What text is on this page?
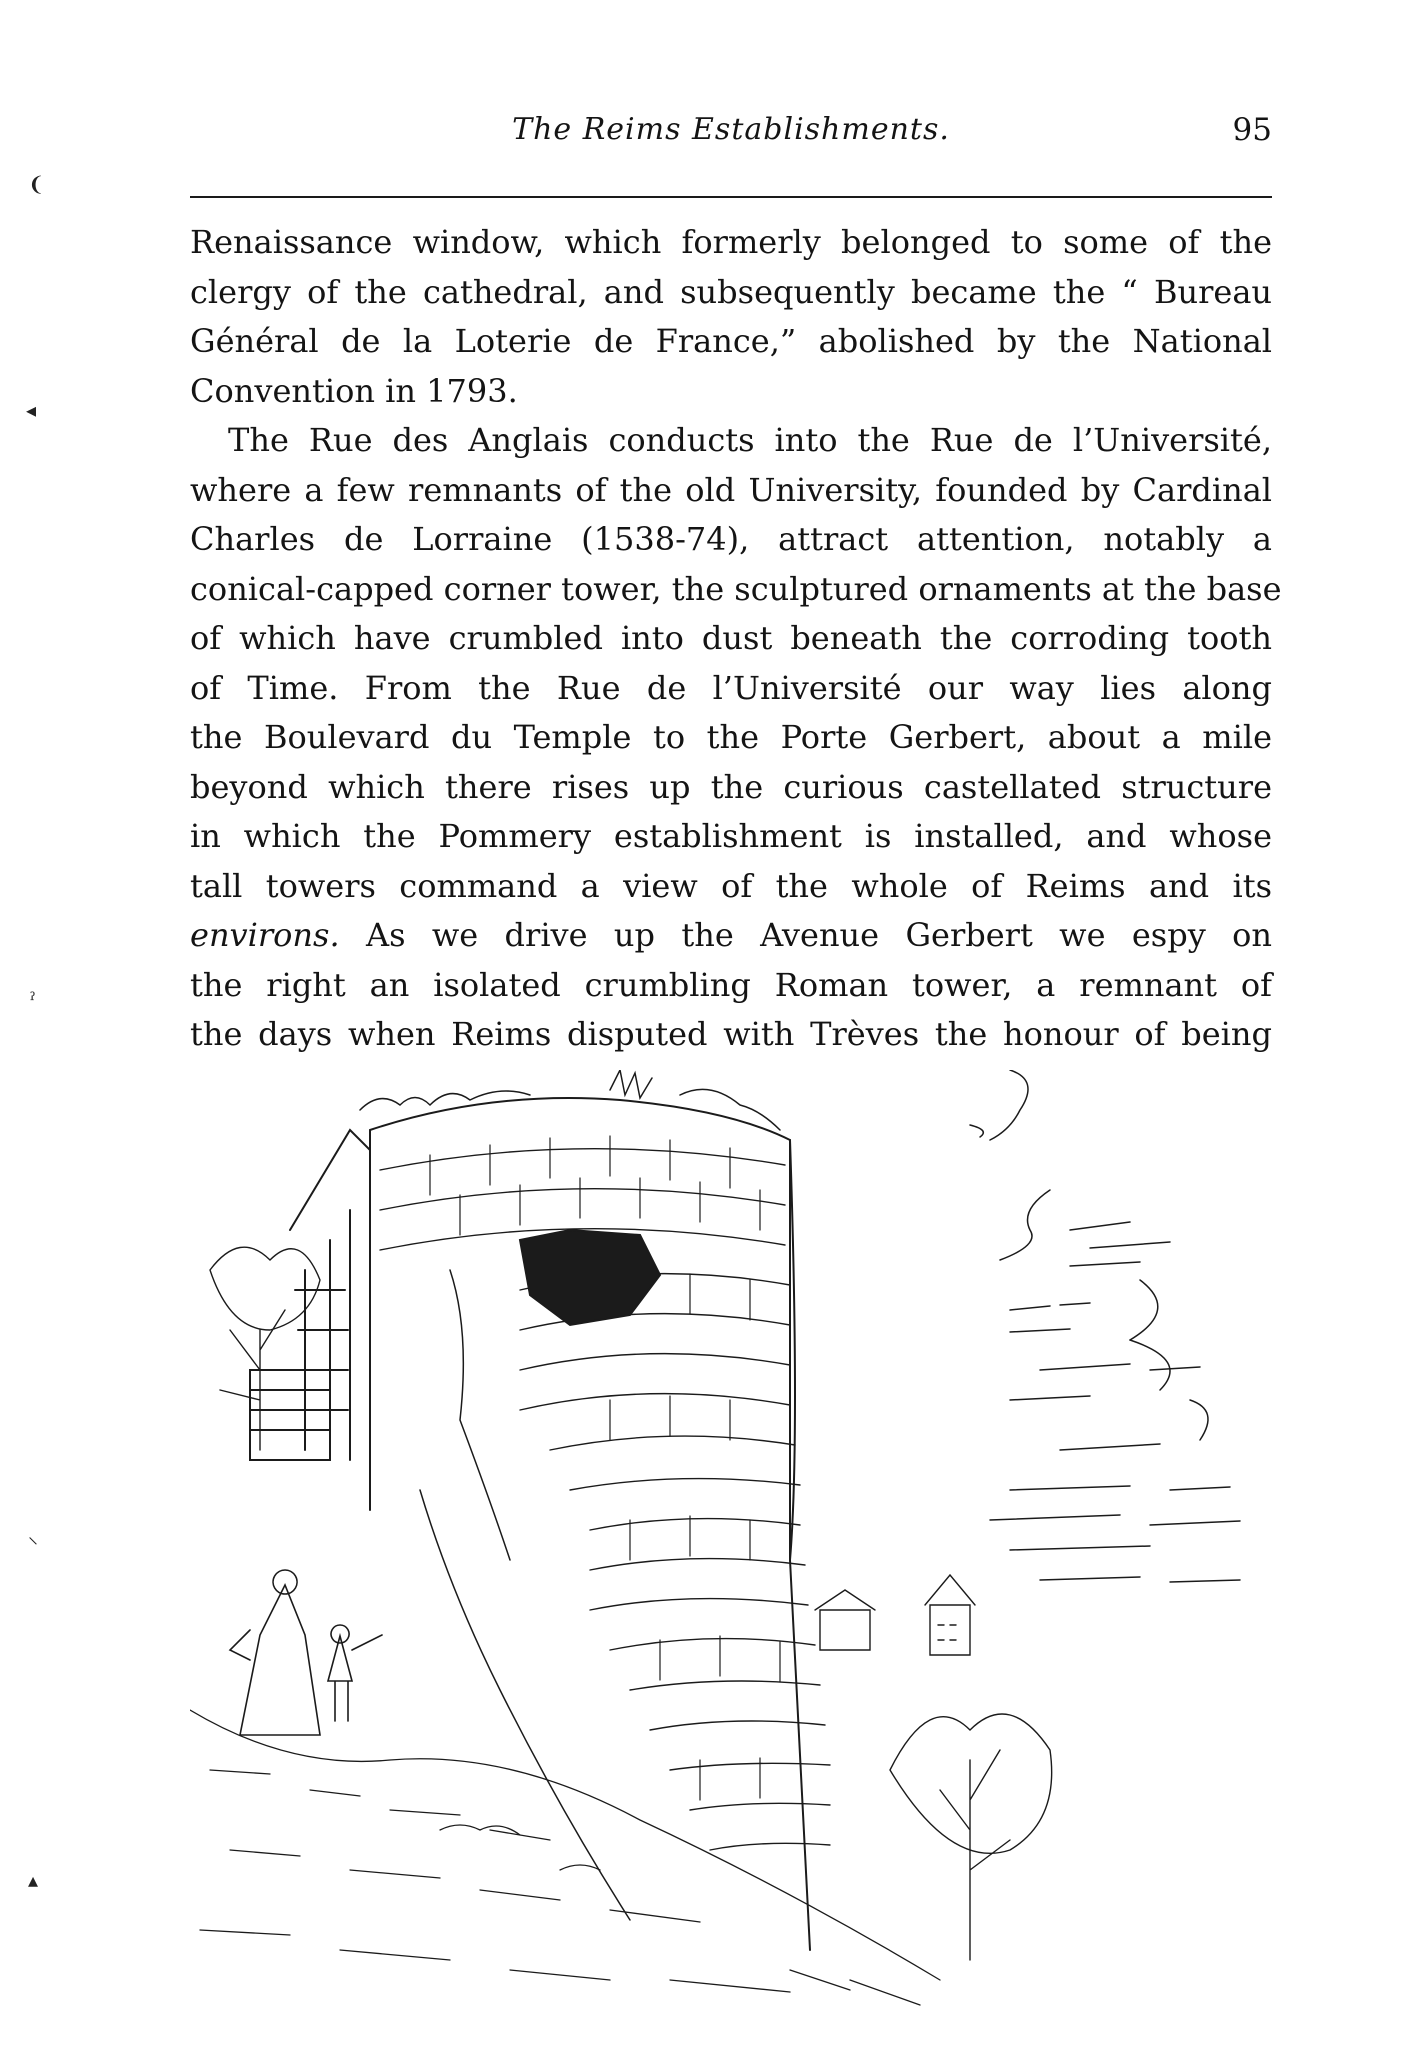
The Reims Establishments.	95
❨
◂
ˀ
⸜
▴
Renaissance window, which formerly belonged to some of the
clergy of the cathedral, and subsequently became the “ Bureau
Général de la Loterie de France,” abolished by the National
Convention in 1793.
The Rue des Anglais conducts into the Rue de l’Université,
where a few remnants of the old University, founded by Cardinal
Charles de Lorraine (1538-74), attract attention, notably a
conical-capped corner tower, the sculptured ornaments at the base
of which have crumbled into dust beneath the corroding tooth
of Time. From the Rue de l’Université our way lies along
the Boulevard du Temple to the Porte Gerbert, about a mile
beyond which there rises up the curious castellated structure
in which the Pommery establishment is installed, and whose
tall towers command a view of the whole of Reims and its
environs. As we drive up the Avenue Gerbert we espy on
the right an isolated crumbling Roman tower, a remnant of
the days when Reims disputed with Trèves the honour of being
